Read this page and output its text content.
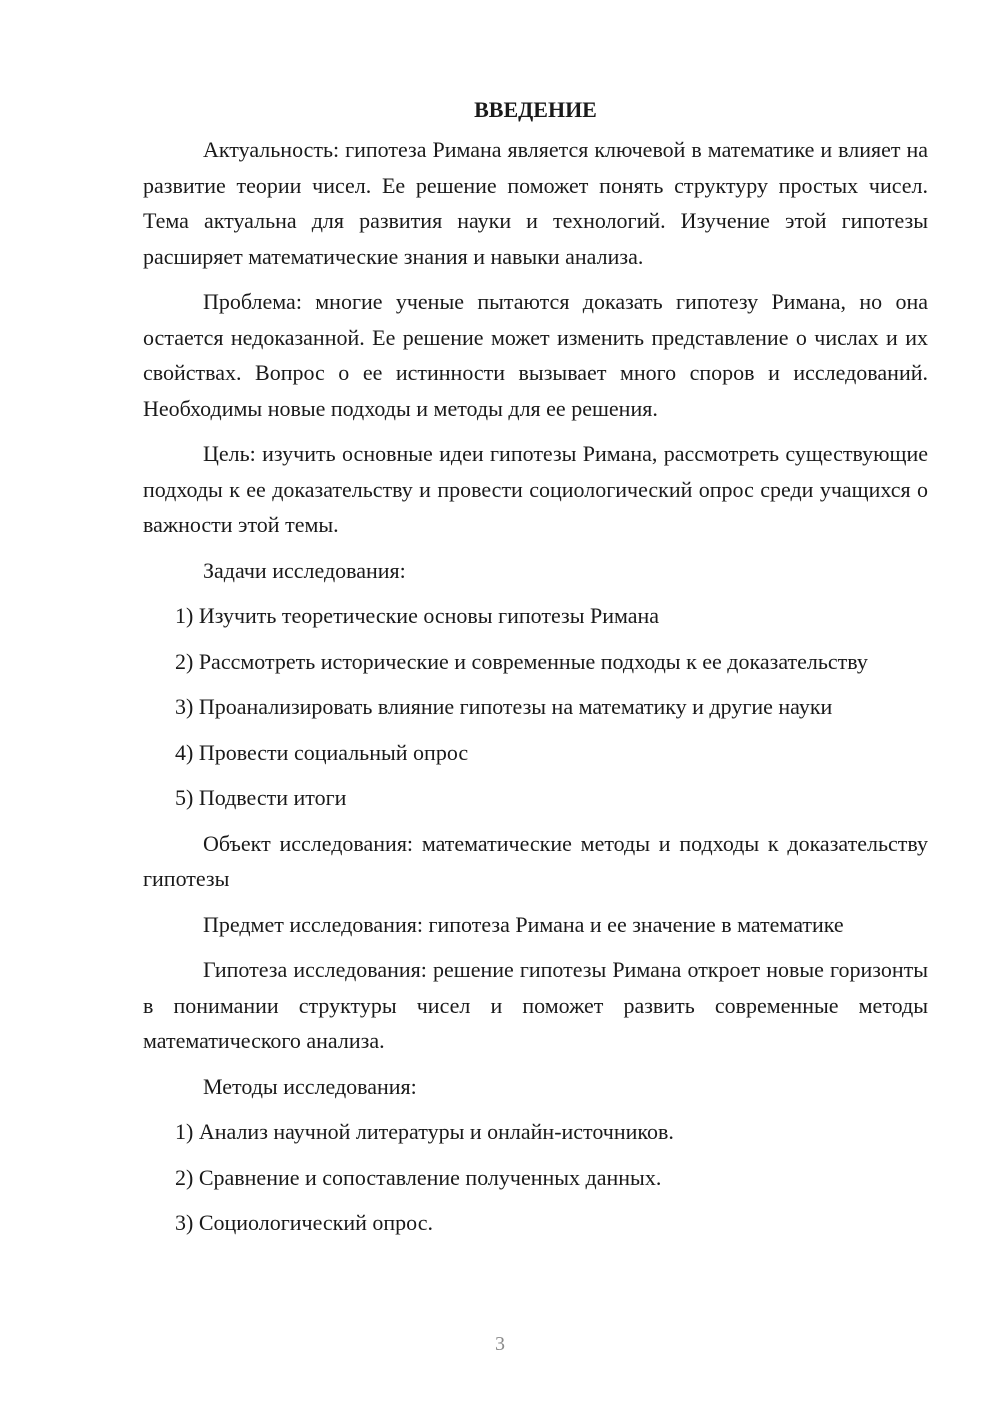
ВВЕДЕНИЕ

Актуальность: гипотеза Римана является ключевой в математике и влияет на развитие теории чисел. Ее решение поможет понять структуру простых чисел. Тема актуальна для развития науки и технологий. Изучение этой гипотезы расширяет математические знания и навыки анализа.

Проблема: многие ученые пытаются доказать гипотезу Римана, но она остается недоказанной. Ее решение может изменить представление о числах и их свойствах. Вопрос о ее истинности вызывает много споров и исследований. Необходимы новые подходы и методы для ее решения.

Цель: изучить основные идеи гипотезы Римана, рассмотреть существующие подходы к ее доказательству и провести социологический опрос среди учащихся о важности этой темы.

Задачи исследования:

1) Изучить теоретические основы гипотезы Римана

2) Рассмотреть исторические и современные подходы к ее доказательству

3) Проанализировать влияние гипотезы на математику и другие науки

4) Провести социальный опрос

5) Подвести итоги

Объект исследования: математические методы и подходы к доказательству гипотезы

Предмет исследования: гипотеза Римана и ее значение в математике

Гипотеза исследования: решение гипотезы Римана откроет новые горизонты в понимании структуры чисел и поможет развить современные методы математического анализа.

Методы исследования:

1) Анализ научной литературы и онлайн-источников.

2) Сравнение и сопоставление полученных данных.

3) Социологический опрос.

3
